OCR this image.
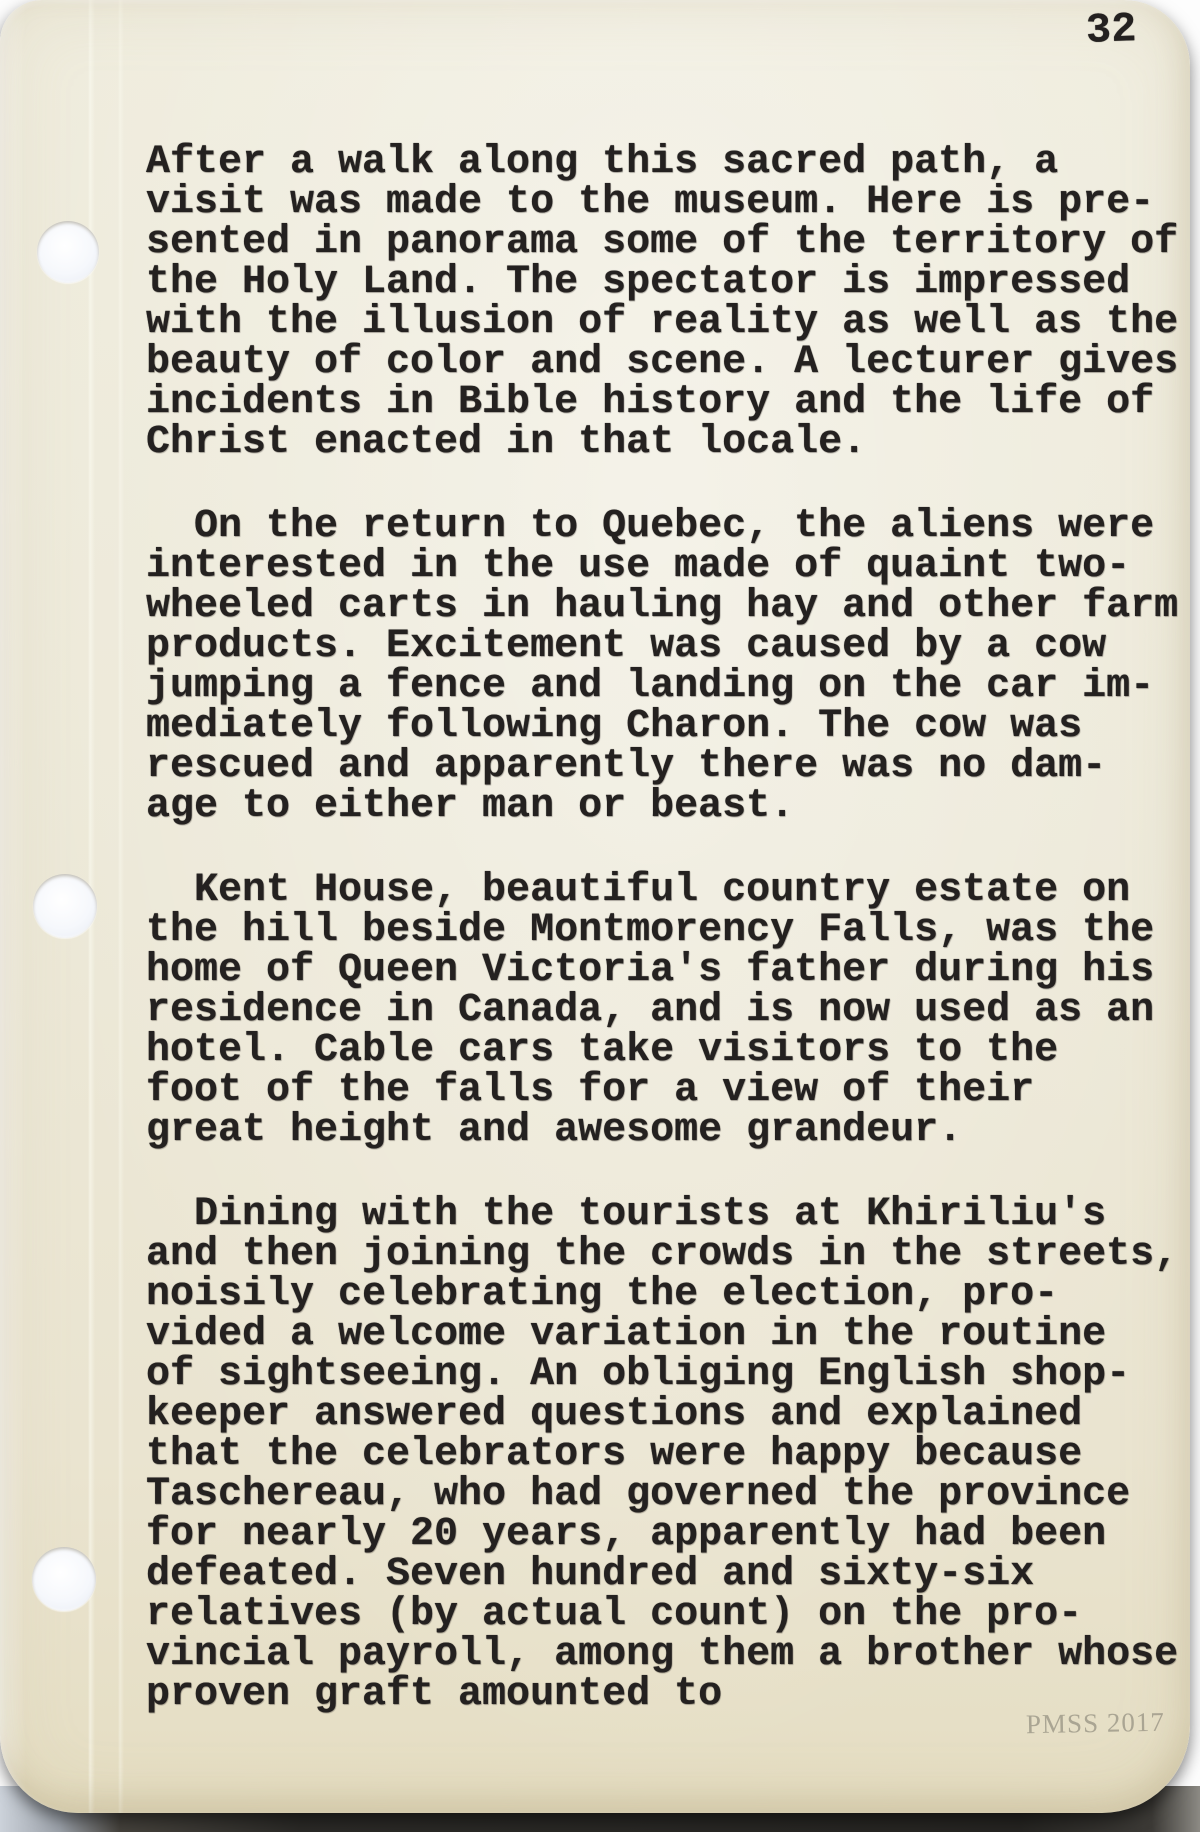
32
After a walk along this sacred path, a
visit was made to the museum. Here is pre-
sented in panorama some of the territory of
the Holy Land. The spectator is impressed
with the illusion of reality as well as the
beauty of color and scene. A lecturer gives
incidents in Bible history and the life of
Christ enacted in that locale.
On the return to Quebec, the aliens were
interested in the use made of quaint two-
wheeled carts in hauling hay and other farm
products. Excitement was caused by a cow
jumping a fence and landing on the car im-
mediately following Charon. The cow was
rescued and apparently there was no dam-
age to either man or beast.
Kent House, beautiful country estate on
the hill beside Montmorency Falls, was the
home of Queen Victoria's father during his
residence in Canada, and is now used as an
hotel. Cable cars take visitors to the
foot of the falls for a view of their
great height and awesome grandeur.
Dining with the tourists at Khiriliu's
and then joining the crowds in the streets,
noisily celebrating the election, pro-
vided a welcome variation in the routine
of sightseeing. An obliging English shop-
keeper answered questions and explained
that the celebrators were happy because
Taschereau, who had governed the province
for nearly 20 years, apparently had been
defeated. Seven hundred and sixty-six
relatives (by actual count) on the pro-
vincial payroll, among them a brother whose
proven graft amounted to
PMSS 2017
